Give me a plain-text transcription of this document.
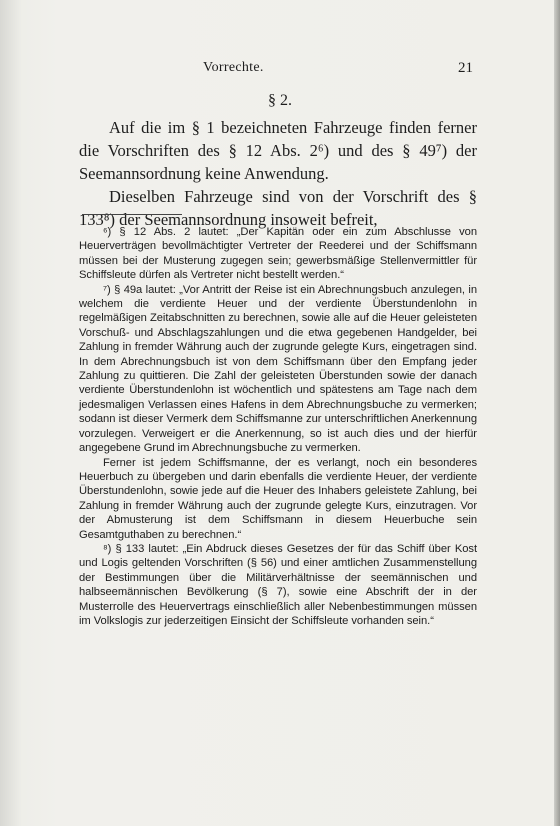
Vorrechte.	21
§ 2.

Auf die im § 1 bezeichneten Fahrzeuge finden ferner die Vorschriften des § 12 Abs. 2⁶) und des § 49⁷) der Seemannsordnung keine Anwendung.

Dieselben Fahrzeuge sind von der Vorschrift des § 133⁸) der Seemannsordnung insoweit befreit,

⁶) § 12 Abs. 2 lautet: „Der Kapitän oder ein zum Abschlusse von Heuerverträgen bevollmächtigter Vertreter der Reederei und der Schiffsmann müssen bei der Musterung zugegen sein; gewerbsmäßige Stellenvermittler für Schiffsleute dürfen als Vertreter nicht bestellt werden.“

⁷) § 49a lautet: „Vor Antritt der Reise ist ein Abrechnungsbuch anzulegen, in welchem die verdiente Heuer und der verdiente Überstundenlohn in regelmäßigen Zeitabschnitten zu berechnen, sowie alle auf die Heuer geleisteten Vorschuß- und Abschlagszahlungen und die etwa gegebenen Handgelder, bei Zahlung in fremder Währung auch der zugrunde gelegte Kurs, eingetragen sind. In dem Abrechnungsbuch ist von dem Schiffsmann über den Empfang jeder Zahlung zu quittieren. Die Zahl der geleisteten Überstunden sowie der danach verdiente Überstundenlohn ist wöchentlich und spätestens am Tage nach dem jedesmaligen Verlassen eines Hafens in dem Abrechnungsbuche zu vermerken; sodann ist dieser Vermerk dem Schiffsmanne zur unterschriftlichen Anerkennung vorzulegen. Verweigert er die Anerkennung, so ist auch dies und der hierfür angegebene Grund im Abrechnungsbuche zu vermerken.

Ferner ist jedem Schiffsmanne, der es verlangt, noch ein besonderes Heuerbuch zu übergeben und darin ebenfalls die verdiente Heuer, der verdiente Überstundenlohn, sowie jede auf die Heuer des Inhabers geleistete Zahlung, bei Zahlung in fremder Währung auch der zugrunde gelegte Kurs, einzutragen. Vor der Abmusterung ist dem Schiffsmann in diesem Heuerbuche sein Gesamtguthaben zu berechnen.“

⁸) § 133 lautet: „Ein Abdruck dieses Gesetzes der für das Schiff über Kost und Logis geltenden Vorschriften (§ 56) und einer amtlichen Zusammenstellung der Bestimmungen über die Militärverhältnisse der seemännischen und halbseemännischen Bevölkerung (§ 7), sowie eine Abschrift der in der Musterrolle des Heuervertrags einschließlich aller Nebenbestimmungen müssen im Volkslogis zur jederzeitigen Einsicht der Schiffsleute vorhanden sein.“
